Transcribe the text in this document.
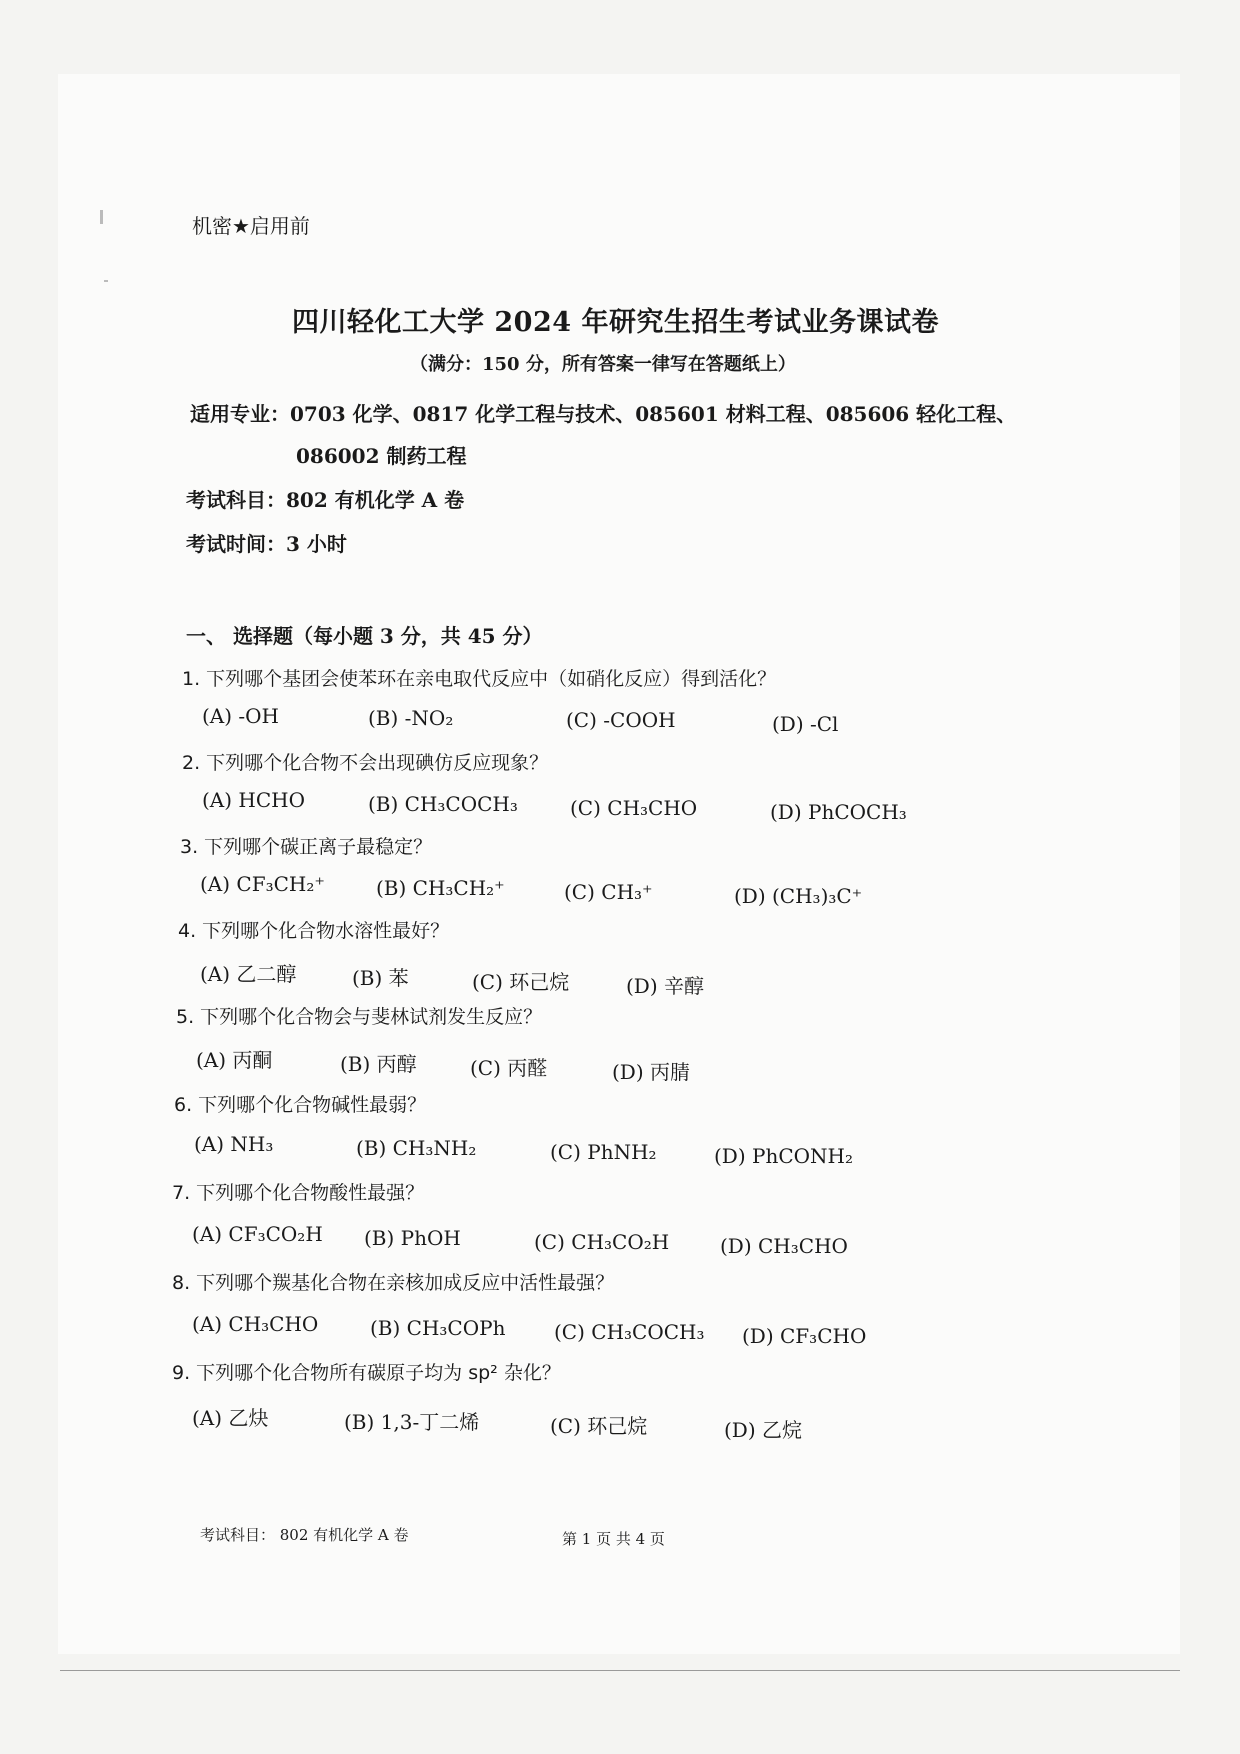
机密★启用前
四川轻化工大学 2024 年研究生招生考试业务课试卷
（满分：150 分，所有答案一律写在答题纸上）
适用专业：0703 化学、0817 化学工程与技术、085601 材料工程、085606 轻化工程、
086002 制药工程
考试科目：802 有机化学 A 卷
考试时间：3 小时
一、 选择题（每小题 3 分，共 45 分）
1. 下列哪个基团会使苯环在亲电取代反应中（如硝化反应）得到活化？
(A) -OH	(B) -NO₂	(C) -COOH	(D) -Cl
2. 下列哪个化合物不会出现碘仿反应现象？
(A) HCHO	(B) CH₃COCH₃	(C) CH₃CHO	(D) PhCOCH₃
3. 下列哪个碳正离子最稳定？
(A) CF₃CH₂⁺	(B) CH₃CH₂⁺	(C) CH₃⁺	(D) (CH₃)₃C⁺
4. 下列哪个化合物水溶性最好？
(A) 乙二醇	(B) 苯	(C) 环己烷	(D) 辛醇
5. 下列哪个化合物会与斐林试剂发生反应？
(A) 丙酮	(B) 丙醇	(C) 丙醛	(D) 丙腈
6. 下列哪个化合物碱性最弱？
(A) NH₃	(B) CH₃NH₂	(C) PhNH₂	(D) PhCONH₂
7. 下列哪个化合物酸性最强？
(A) CF₃CO₂H (B) PhOH	(C) CH₃CO₂H	(D) CH₃CHO
8. 下列哪个羰基化合物在亲核加成反应中活性最强？
(A) CH₃CHO	(B) CH₃COPh (C) CH₃COCH₃ (D) CF₃CHO
9. 下列哪个化合物所有碳原子均为 sp² 杂化？
(A) 乙炔	(B) 1,3-丁二烯	(C) 环己烷	(D) 乙烷
考试科目： 802 有机化学 A 卷	第 1 页 共 4 页
